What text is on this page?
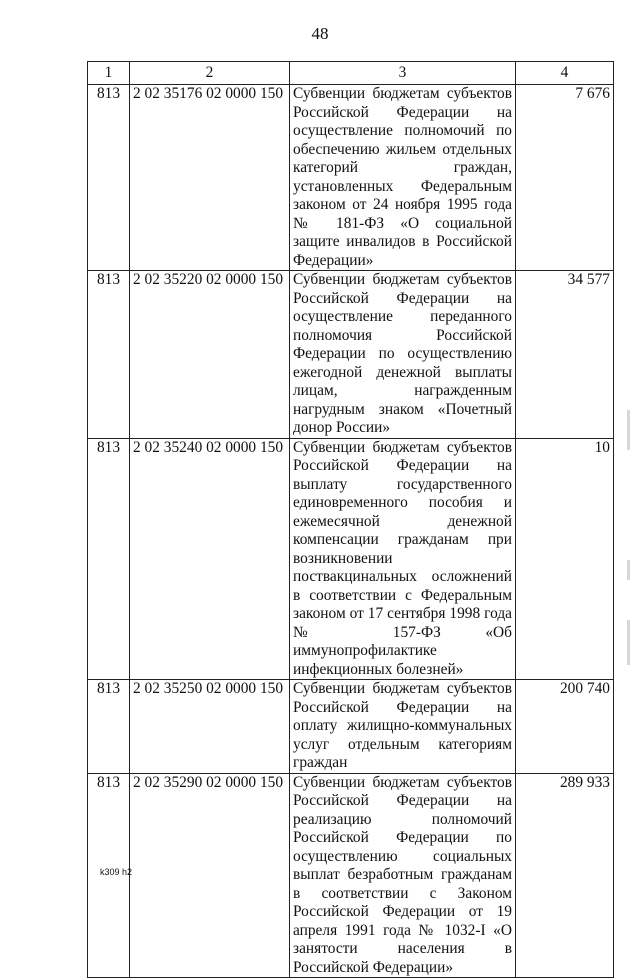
48
1	2	3	4
813	2 02 35176 02 0000 150	Субвенции бюджетам субъектов Российской Федерации на осуществление полномочий по обеспечению жильем отдельных категорий граждан, установленных Федеральным законом от 24 ноября 1995 года № 181-ФЗ «О социальной защите инвалидов в Российской Федерации»	7 676
813	2 02 35220 02 0000 150	Субвенции бюджетам субъектов Российской Федерации на осуществление переданного полномочия Российской Федерации по осуществлению ежегодной денежной выплаты лицам, награжденным нагрудным знаком «Почетный донор России»	34 577
813	2 02 35240 02 0000 150	Субвенции бюджетам субъектов Российской Федерации на выплату государственного единовременного пособия и ежемесячной денежной компенсации гражданам при возникновении поствакцинальных осложнений в соответствии с Федеральным законом от 17 сентября 1998 года № 157-ФЗ «Об иммунопрофилактике инфекционных болезней»	10
813	2 02 35250 02 0000 150	Субвенции бюджетам субъектов Российской Федерации на оплату жилищно-коммунальных услуг отдельным категориям граждан	200 740
813	2 02 35290 02 0000 150	Субвенции бюджетам субъектов Российской Федерации на реализацию полномочий Российской Федерации по осуществлению социальных выплат безработным гражданам в соответствии с Законом Российской Федерации от 19 апреля 1991 года № 1032-I «О занятости населения в Российской Федерации»	289 933
k309 h2
